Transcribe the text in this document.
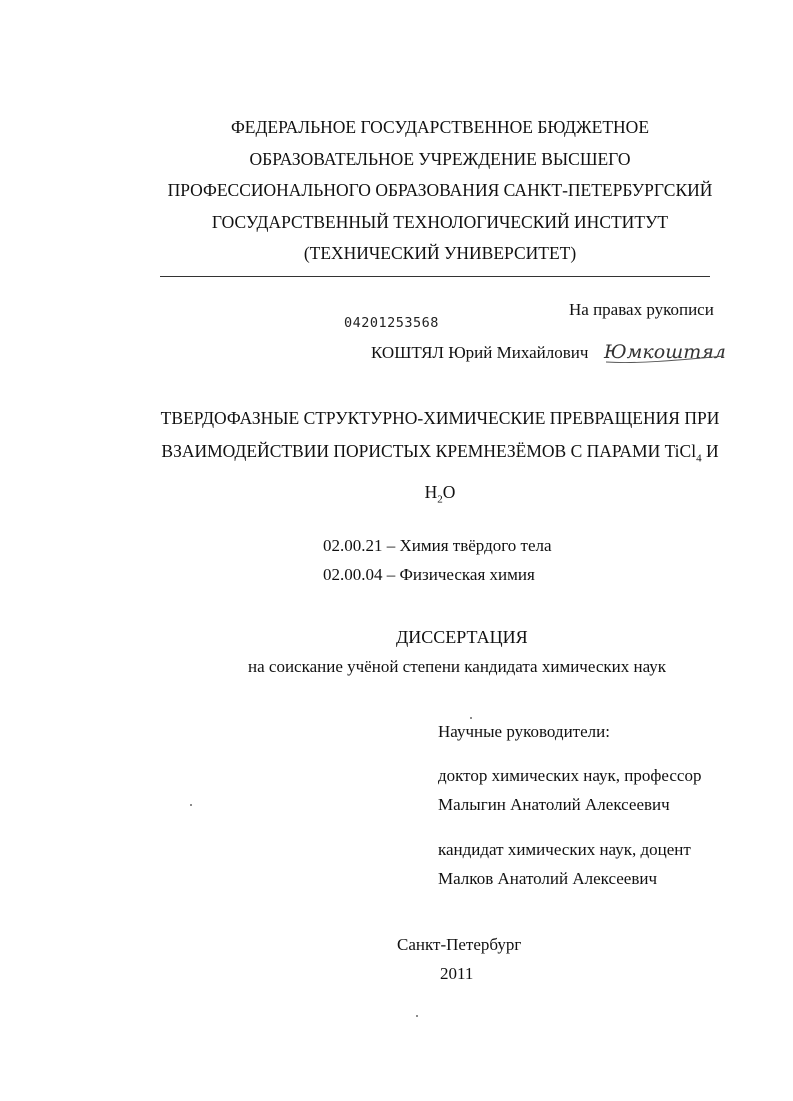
ФЕДЕРАЛЬНОЕ ГОСУДАРСТВЕННОЕ БЮДЖЕТНОЕ
ОБРАЗОВАТЕЛЬНОЕ УЧРЕЖДЕНИЕ ВЫСШЕГО
ПРОФЕССИОНАЛЬНОГО ОБРАЗОВАНИЯ САНКТ-ПЕТЕРБУРГСКИЙ
ГОСУДАРСТВЕННЫЙ ТЕХНОЛОГИЧЕСКИЙ ИНСТИТУТ
(ТЕХНИЧЕСКИЙ УНИВЕРСИТЕТ)
На правах рукописи
04201253568
КОШТЯЛ Юрий Михайлович Юмкоштял
ТВЕРДОФАЗНЫЕ СТРУКТУРНО-ХИМИЧЕСКИЕ ПРЕВРАЩЕНИЯ ПРИ
ВЗАИМОДЕЙСТВИИ ПОРИСТЫХ КРЕМНЕЗЁМОВ С ПАРАМИ TiCl$_4$ И
$H_2O$
02.00.21 – Химия твёрдого тела
02.00.04 – Физическая химия
ДИССЕРТАЦИЯ
на соискание учёной степени кандидата химических наук
Научные руководители:
доктор химических наук, профессор
Малыгин Анатолий Алексеевич
кандидат химических наук, доцент
Малков Анатолий Алексеевич
Санкт-Петербург
2011
